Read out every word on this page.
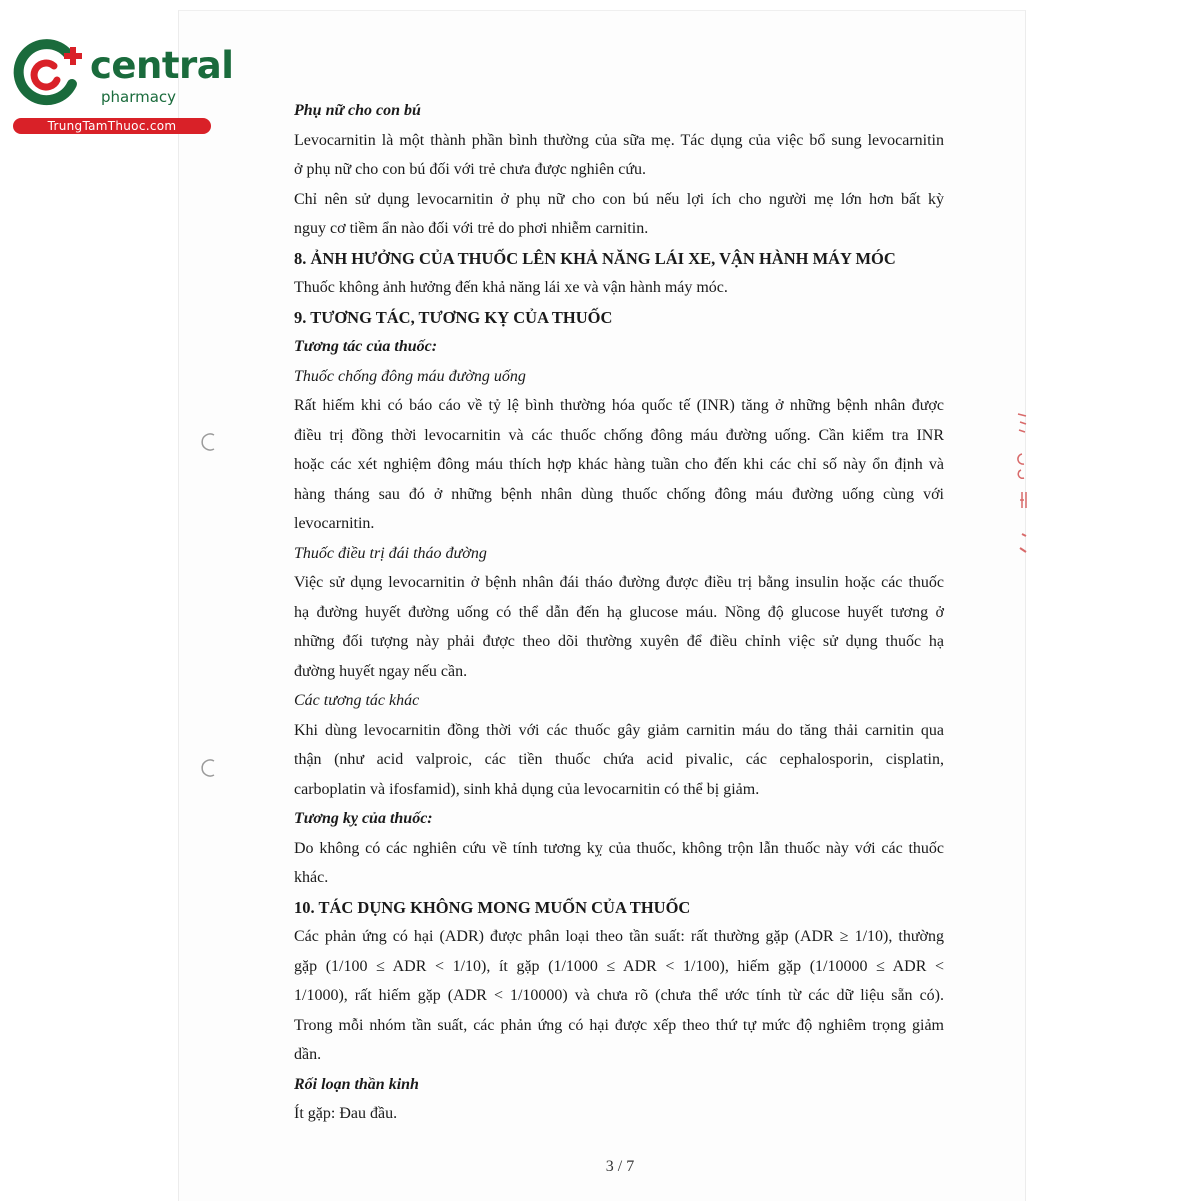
central
pharmacy
TrungTamThuoc.com
Phụ nữ cho con bú
Levocarnitin là một thành phần bình thường của sữa mẹ. Tác dụng của việc bổ sung levocarnitin
ở phụ nữ cho con bú đối với trẻ chưa được nghiên cứu.
Chỉ nên sử dụng levocarnitin ở phụ nữ cho con bú nếu lợi ích cho người mẹ lớn hơn bất kỳ
nguy cơ tiềm ẩn nào đối với trẻ do phơi nhiễm carnitin.
8. ẢNH HƯỞNG CỦA THUỐC LÊN KHẢ NĂNG LÁI XE, VẬN HÀNH MÁY MÓC
Thuốc không ảnh hưởng đến khả năng lái xe và vận hành máy móc.
9. TƯƠNG TÁC, TƯƠNG KỴ CỦA THUỐC
Tương tác của thuốc:
Thuốc chống đông máu đường uống
Rất hiếm khi có báo cáo về tỷ lệ bình thường hóa quốc tế (INR) tăng ở những bệnh nhân được
điều trị đồng thời levocarnitin và các thuốc chống đông máu đường uống. Cần kiểm tra INR
hoặc các xét nghiệm đông máu thích hợp khác hàng tuần cho đến khi các chỉ số này ổn định và
hàng tháng sau đó ở những bệnh nhân dùng thuốc chống đông máu đường uống cùng với
levocarnitin.
Thuốc điều trị đái tháo đường
Việc sử dụng levocarnitin ở bệnh nhân đái tháo đường được điều trị bằng insulin hoặc các thuốc
hạ đường huyết đường uống có thể dẫn đến hạ glucose máu. Nồng độ glucose huyết tương ở
những đối tượng này phải được theo dõi thường xuyên để điều chỉnh việc sử dụng thuốc hạ
đường huyết ngay nếu cần.
Các tương tác khác
Khi dùng levocarnitin đồng thời với các thuốc gây giảm carnitin máu do tăng thải carnitin qua
thận (như acid valproic, các tiền thuốc chứa acid pivalic, các cephalosporin, cisplatin,
carboplatin và ifosfamid), sinh khả dụng của levocarnitin có thể bị giảm.
Tương kỵ của thuốc:
Do không có các nghiên cứu về tính tương kỵ của thuốc, không trộn lẫn thuốc này với các thuốc
khác.
10. TÁC DỤNG KHÔNG MONG MUỐN CỦA THUỐC
Các phản ứng có hại (ADR) được phân loại theo tần suất: rất thường gặp (ADR ≥ 1/10), thường
gặp (1/100 ≤ ADR < 1/10), ít gặp (1/1000 ≤ ADR < 1/100), hiếm gặp (1/10000 ≤ ADR <
1/1000), rất hiếm gặp (ADR < 1/10000) và chưa rõ (chưa thể ước tính từ các dữ liệu sẵn có).
Trong mỗi nhóm tần suất, các phản ứng có hại được xếp theo thứ tự mức độ nghiêm trọng giảm
dần.
Rối loạn thần kinh
Ít gặp: Đau đầu.
3 / 7
